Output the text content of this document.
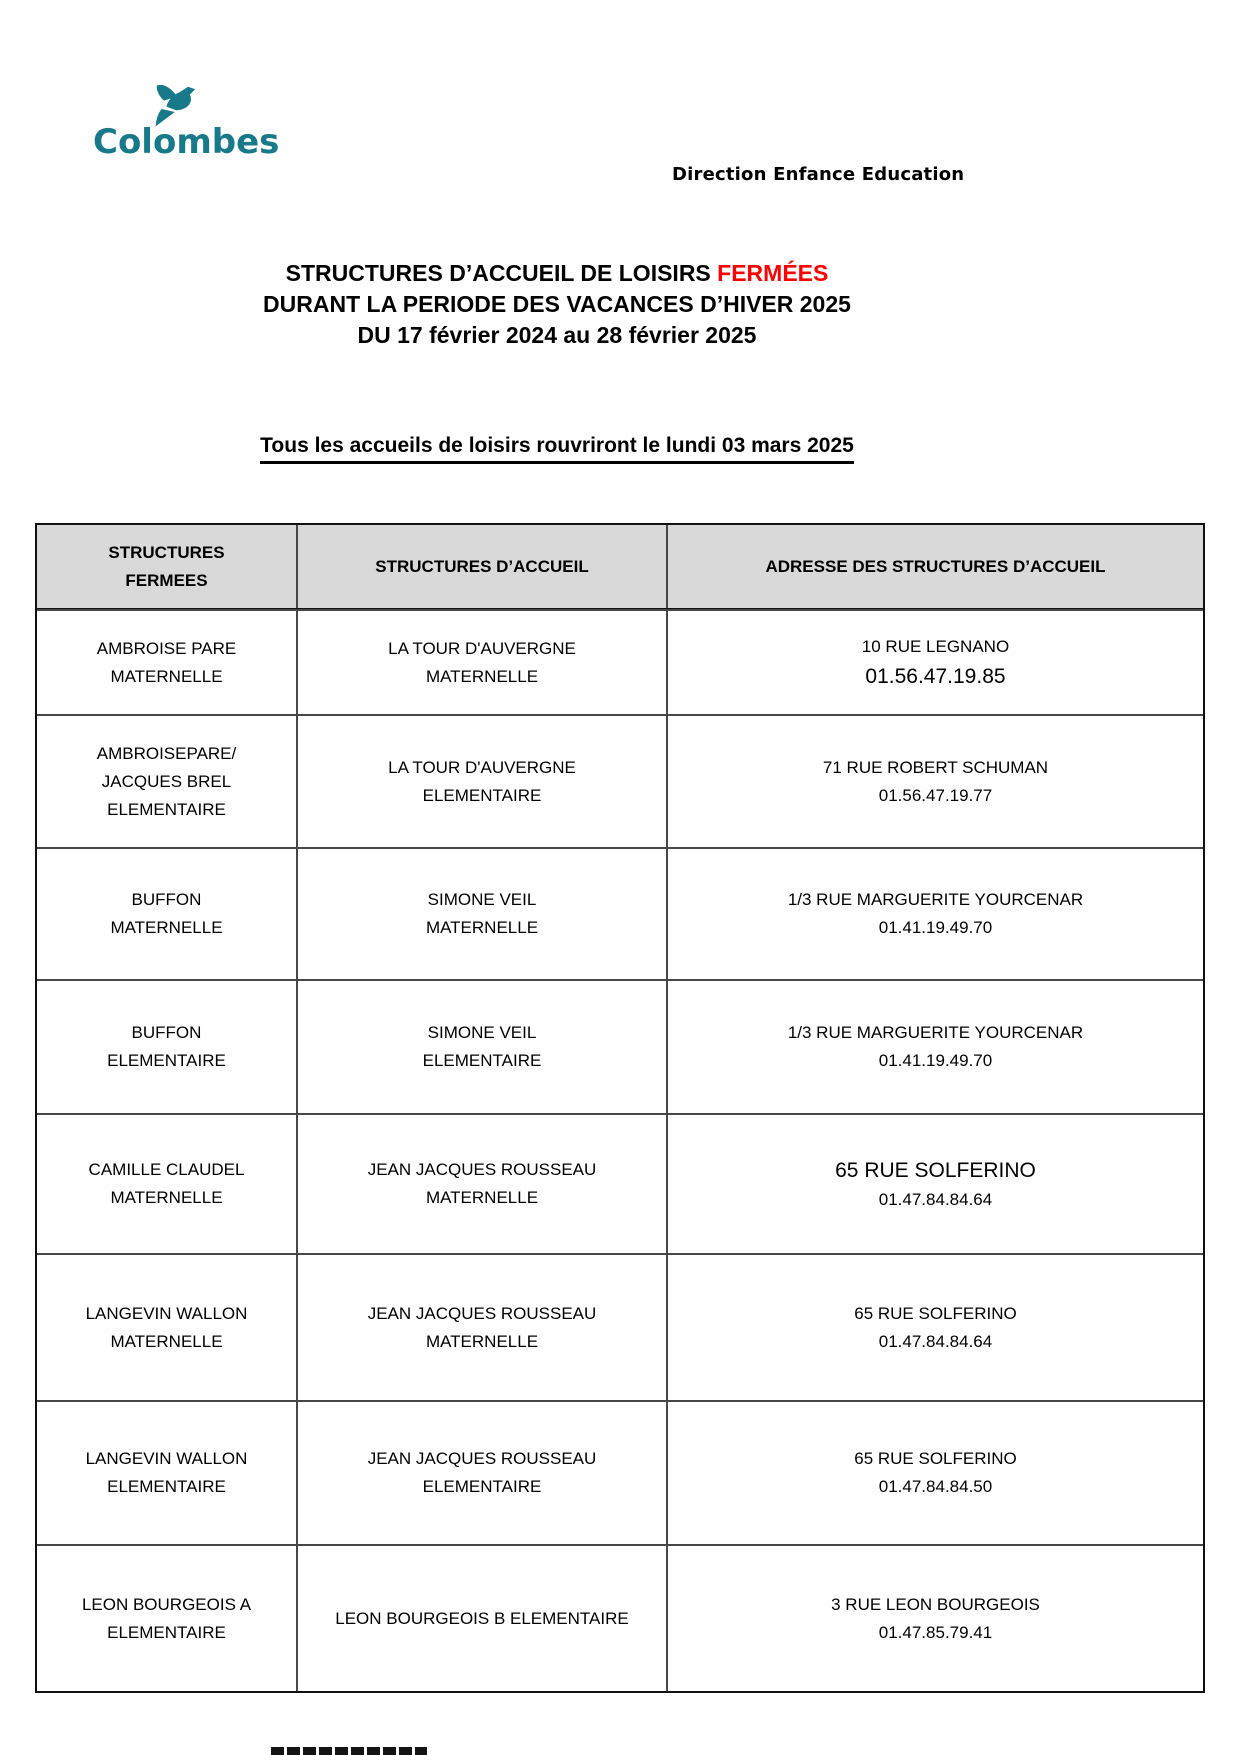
Colombes
Direction Enfance Education
STRUCTURES D’ACCUEIL DE LOISIRS FERMÉES
DURANT LA PERIODE DES VACANCES D’HIVER 2025
DU 17 février 2024 au 28 février 2025
Tous les accueils de loisirs rouvriront le lundi 03 mars 2025
STRUCTURES
FERMEES
STRUCTURES D’ACCUEIL	ADRESSE DES STRUCTURES D’ACCUEIL
AMBROISE PARE
MATERNELLE
LA TOUR D'AUVERGNE
MATERNELLE
10 RUE LEGNANO
01.56.47.19.85
AMBROISEPARE/
JACQUES BREL
ELEMENTAIRE
LA TOUR D'AUVERGNE
ELEMENTAIRE
71 RUE ROBERT SCHUMAN
01.56.47.19.77
BUFFON
MATERNELLE
SIMONE VEIL
MATERNELLE
1/3 RUE MARGUERITE YOURCENAR
01.41.19.49.70
BUFFON
ELEMENTAIRE
SIMONE VEIL
ELEMENTAIRE
1/3 RUE MARGUERITE YOURCENAR
01.41.19.49.70
CAMILLE CLAUDEL
MATERNELLE
JEAN JACQUES ROUSSEAU
MATERNELLE
65 RUE SOLFERINO
01.47.84.84.64
LANGEVIN WALLON
MATERNELLE
JEAN JACQUES ROUSSEAU
MATERNELLE
65 RUE SOLFERINO
01.47.84.84.64
LANGEVIN WALLON
ELEMENTAIRE
JEAN JACQUES ROUSSEAU
ELEMENTAIRE
65 RUE SOLFERINO
01.47.84.84.50
LEON BOURGEOIS A
ELEMENTAIRE
LEON BOURGEOIS B ELEMENTAIRE
3 RUE LEON BOURGEOIS
01.47.85.79.41
